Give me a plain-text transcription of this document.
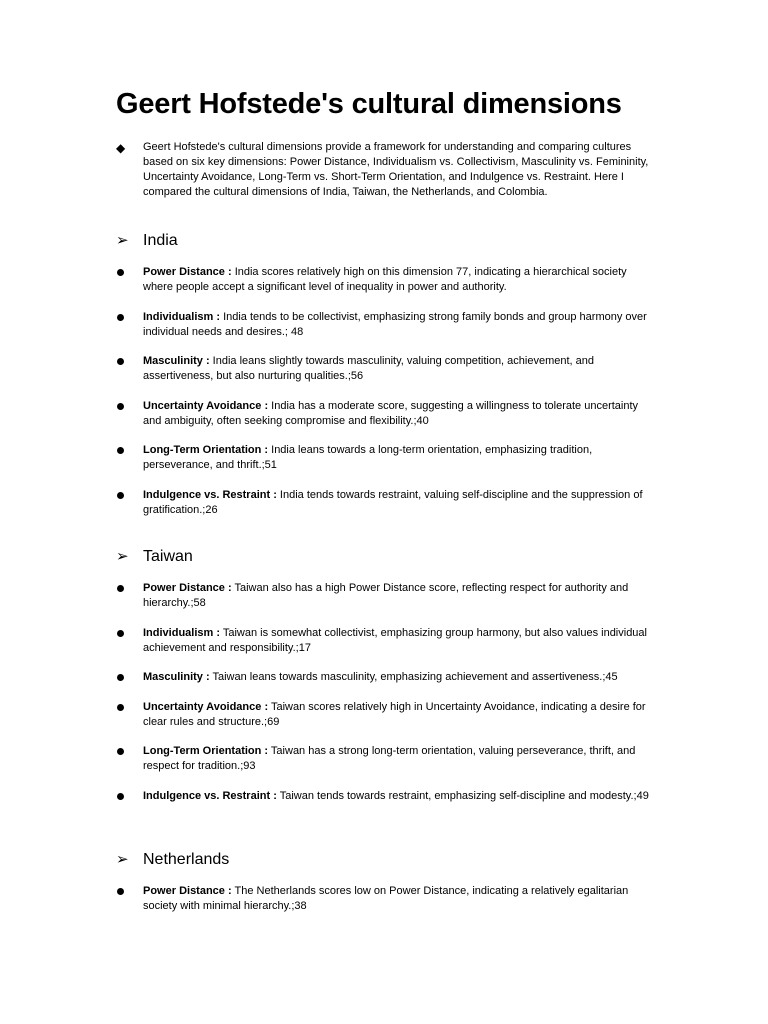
Geert Hofstede's cultural dimensions
◆ Geert Hofstede's cultural dimensions provide a framework for understanding and comparing cultures based on six key dimensions: Power Distance, Individualism vs. Collectivism, Masculinity vs. Femininity, Uncertainty Avoidance, Long-Term vs. Short-Term Orientation, and Indulgence vs. Restraint. Here I compared the cultural dimensions of India, Taiwan, the Netherlands, and Colombia.

➢ India
Power Distance : India scores relatively high on this dimension 77, indicating a hierarchical society where people accept a significant level of inequality in power and authority.
Individualism : India tends to be collectivist, emphasizing strong family bonds and group harmony over individual needs and desires.; 48
Masculinity : India leans slightly towards masculinity, valuing competition, achievement, and assertiveness, but also nurturing qualities.;56
Uncertainty Avoidance : India has a moderate score, suggesting a willingness to tolerate uncertainty and ambiguity, often seeking compromise and flexibility.;40
Long-Term Orientation : India leans towards a long-term orientation, emphasizing tradition, perseverance, and thrift.;51
Indulgence vs. Restraint : India tends towards restraint, valuing self-discipline and the suppression of gratification.;26
➢ Taiwan
Power Distance : Taiwan also has a high Power Distance score, reflecting respect for authority and hierarchy.;58
Individualism : Taiwan is somewhat collectivist, emphasizing group harmony, but also values individual achievement and responsibility.;17
Masculinity : Taiwan leans towards masculinity, emphasizing achievement and assertiveness.;45
Uncertainty Avoidance : Taiwan scores relatively high in Uncertainty Avoidance, indicating a desire for clear rules and structure.;69
Long-Term Orientation : Taiwan has a strong long-term orientation, valuing perseverance, thrift, and respect for tradition.;93
Indulgence vs. Restraint : Taiwan tends towards restraint, emphasizing self-discipline and modesty.;49
➢ Netherlands
Power Distance : The Netherlands scores low on Power Distance, indicating a relatively egalitarian society with minimal hierarchy.;38
